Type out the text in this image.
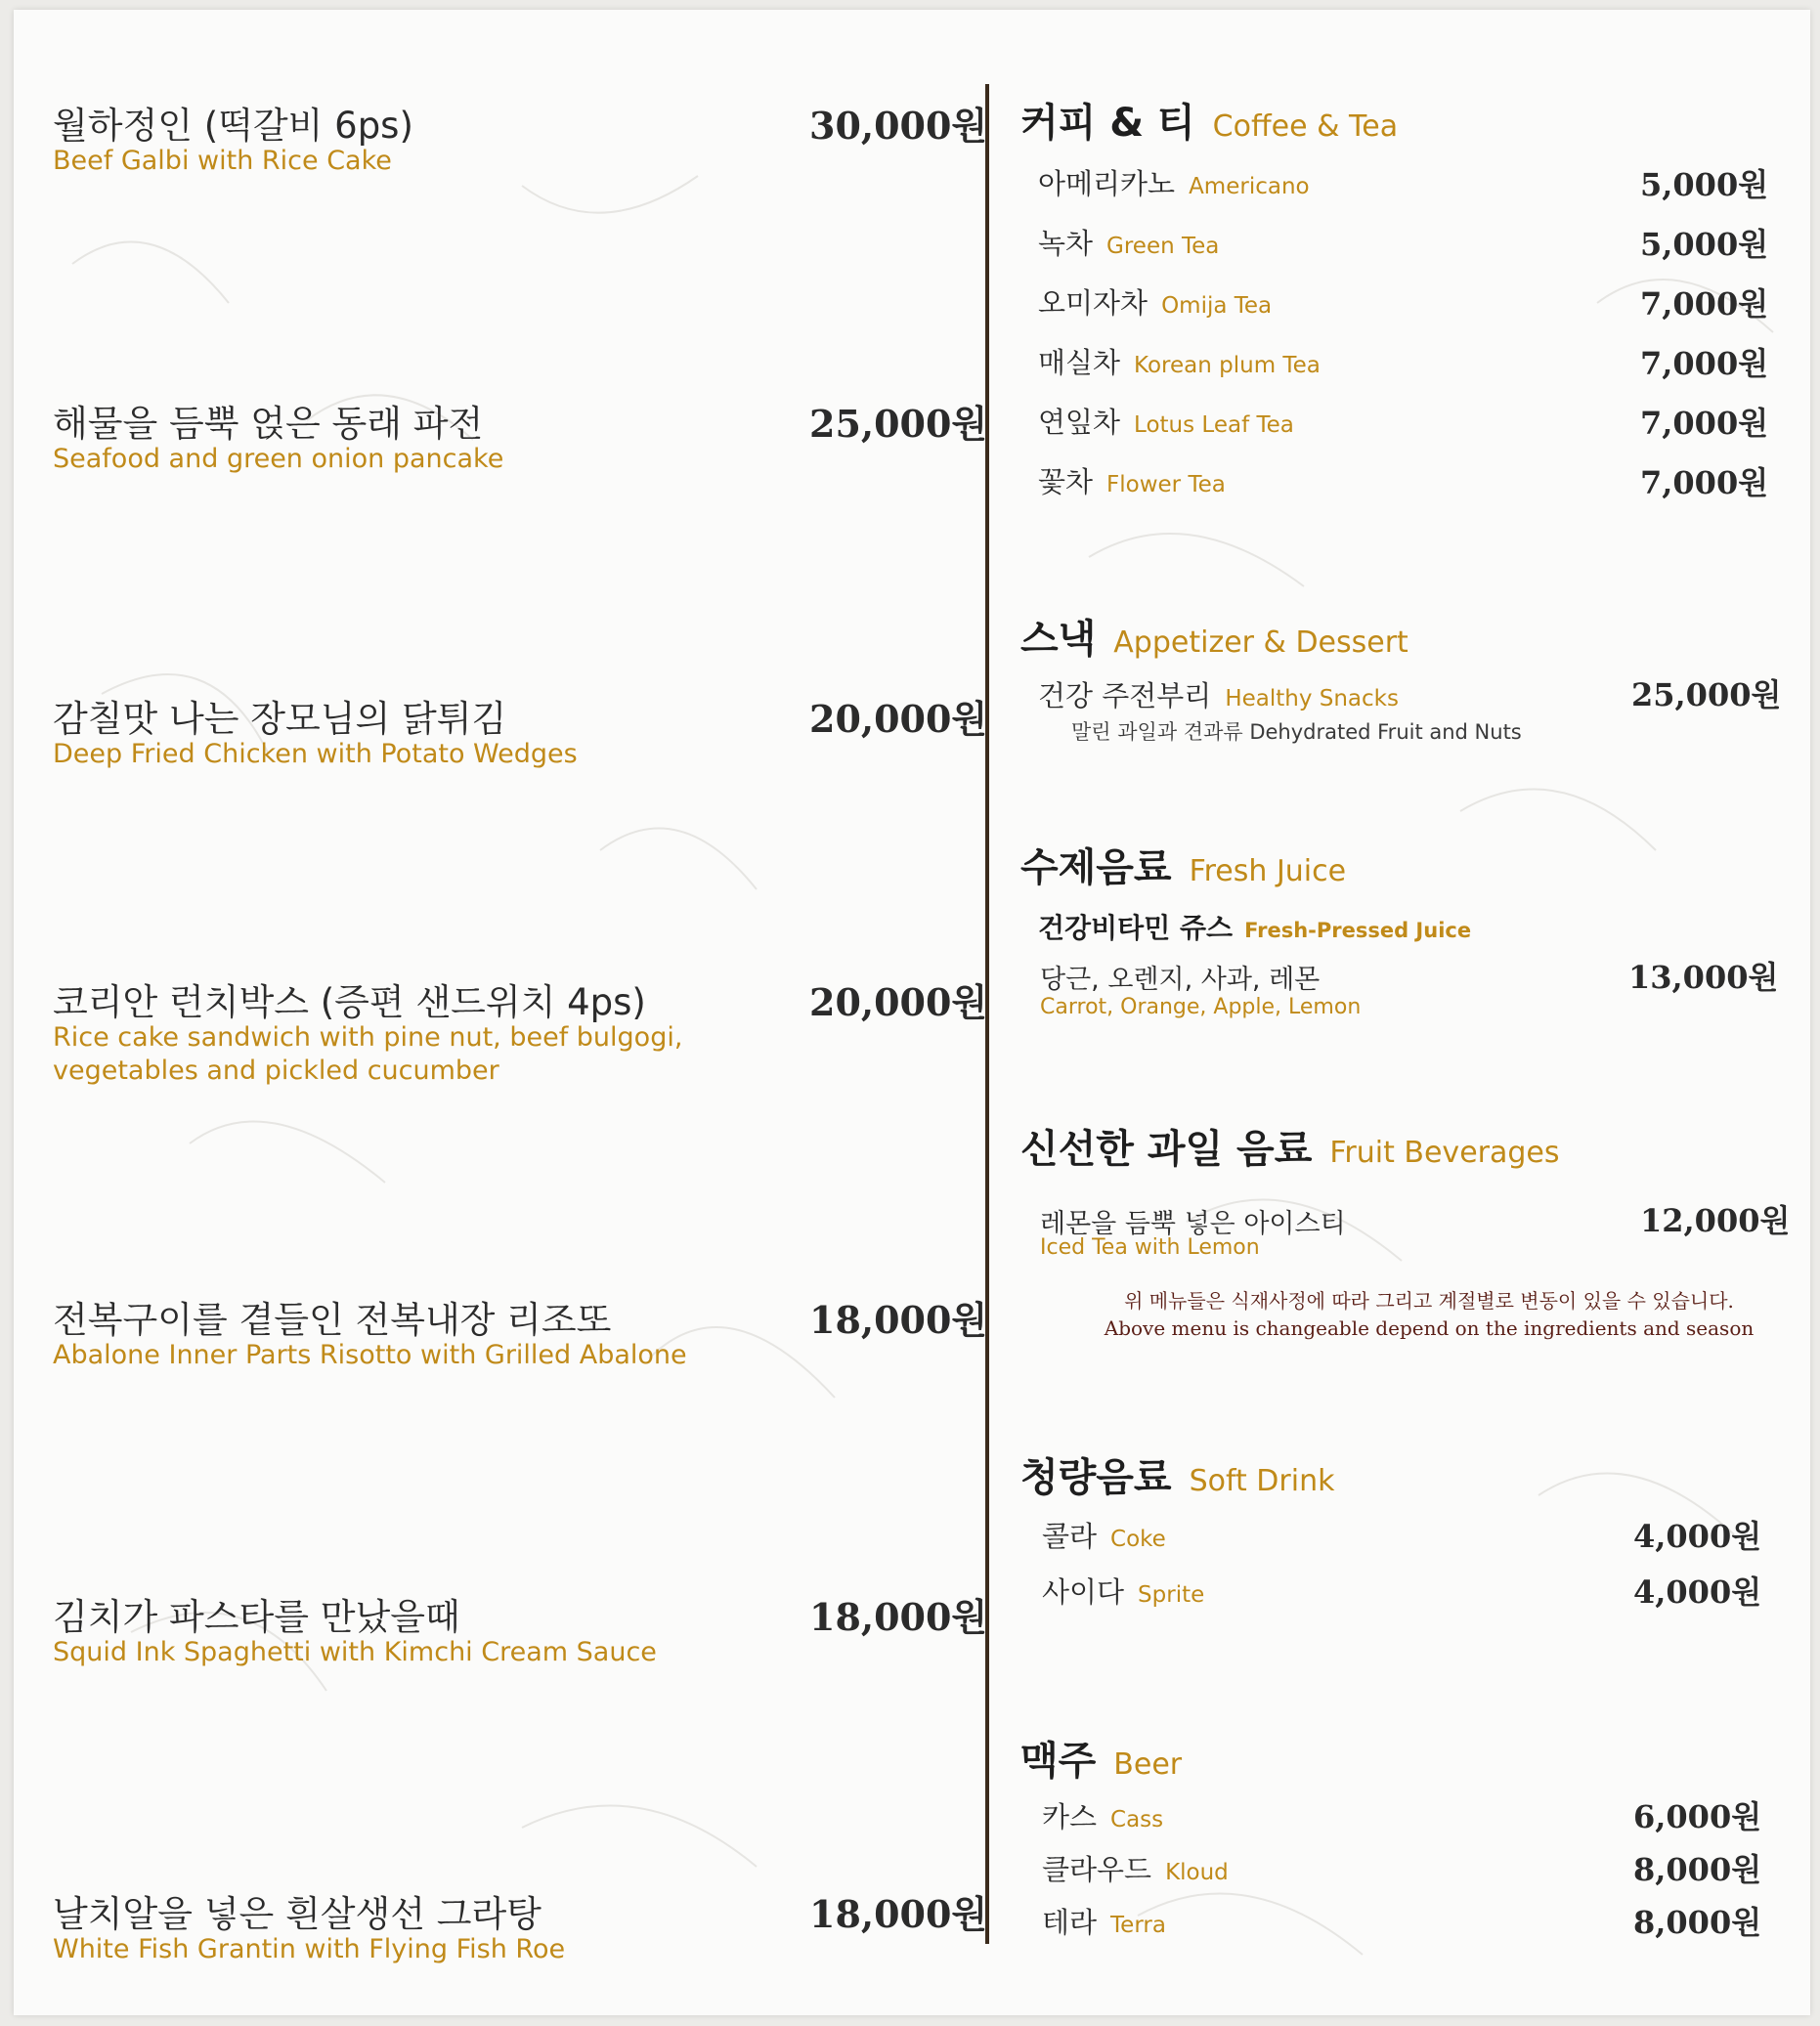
월하정인 (떡갈비 6ps)
Beef Galbi with Rice Cake
30,000원
해물을 듬뿍 얹은 동래 파전
Seafood and green onion pancake
25,000원
감칠맛 나는 장모님의 닭튀김
Deep Fried Chicken with Potato Wedges
20,000원
코리안 런치박스 (증편 샌드위치 4ps)
Rice cake sandwich with pine nut, beef bulgogi, vegetables and pickled cucumber
20,000원
전복구이를 곁들인 전복내장 리조또
Abalone Inner Parts Risotto with Grilled Abalone
18,000원
김치가 파스타를 만났을때
Squid Ink Spaghetti with Kimchi Cream Sauce
18,000원
날치알을 넣은 흰살생선 그라탕
White Fish Grantin with Flying Fish Roe
18,000원
커피 & 티 Coffee & Tea
아메리카노 Americano	5,000원
녹차 Green Tea	5,000원
오미자차 Omija Tea	7,000원
매실차 Korean plum Tea	7,000원
연잎차 Lotus Leaf Tea	7,000원
꽃차 Flower Tea	7,000원
스낵 Appetizer & Dessert
건강 주전부리 Healthy Snacks	25,000원
말린 과일과 견과류 Dehydrated Fruit and Nuts
수제음료 Fresh Juice
건강비타민 쥬스 Fresh-Pressed Juice
당근, 오렌지, 사과, 레몬
Carrot, Orange, Apple, Lemon
13,000원
신선한 과일 음료 Fruit Beverages
레몬을 듬뿍 넣은 아이스티
Iced Tea with Lemon
12,000원
위 메뉴들은 식재사정에 따라 그리고 계절별로 변동이 있을 수 있습니다.
Above menu is changeable depend on the ingredients and season
청량음료 Soft Drink
콜라 Coke	4,000원
사이다 Sprite	4,000원
맥주 Beer
카스 Cass	6,000원
클라우드 Kloud	8,000원
테라 Terra	8,000원
